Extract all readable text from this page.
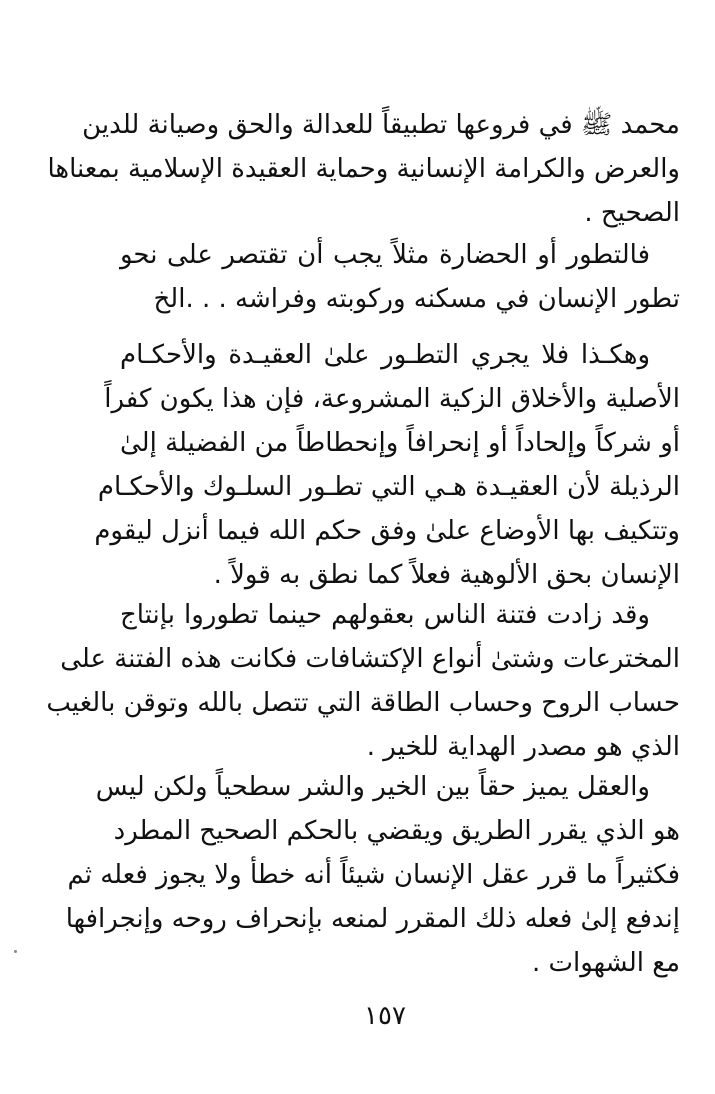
محمد ﷺ في فروعها تطبيقاً للعدالة والحق وصيانة للدين
والعرض والكرامة الإنسانية وحماية العقيدة الإسلامية بمعناها
الصحيح .
فالتطور أو الحضارة مثلاً يجب أن تقتصر على نحو
تطور الإنسان في مسكنه وركوبته وفراشه . . .الخ
وهكـذا فلا يجري التطـور علىٰ العقيـدة والأحكـام
الأصلية والأخلاق الزكية المشروعة، فإن هذا يكون كفراً
أو شركاً وإلحاداً أو إنحرافاً وإنحطاطاً من الفضيلة إلىٰ
الرذيلة لأن العقيـدة هـي التي تطـور السلـوك والأحكـام
وتتكيف بها الأوضاع علىٰ وفق حكم الله فيما أنزل ليقوم
الإنسان بحق الألوهية فعلاً كما نطق به قولاً .
وقد زادت فتنة الناس بعقولهم حينما تطوروا بإنتاج
المخترعات وشتىٰ أنواع الإكتشافات فكانت هذه الفتنة على
حساب الروح وحساب الطاقة التي تتصل بالله وتوقن بالغيب
الذي هو مصدر الهداية للخير .
والعقل يميز حقاً بين الخير والشر سطحياً ولكن ليس
هو الذي يقرر الطريق ويقضي بالحكم الصحيح المطرد
فكثيراً ما قرر عقل الإنسان شيئاً أنه خطأ ولا يجوز فعله ثم
إندفع إلىٰ فعله ذلك المقرر لمنعه بإنحراف روحه وإنجرافها
مع الشهوات .
١٥٧
